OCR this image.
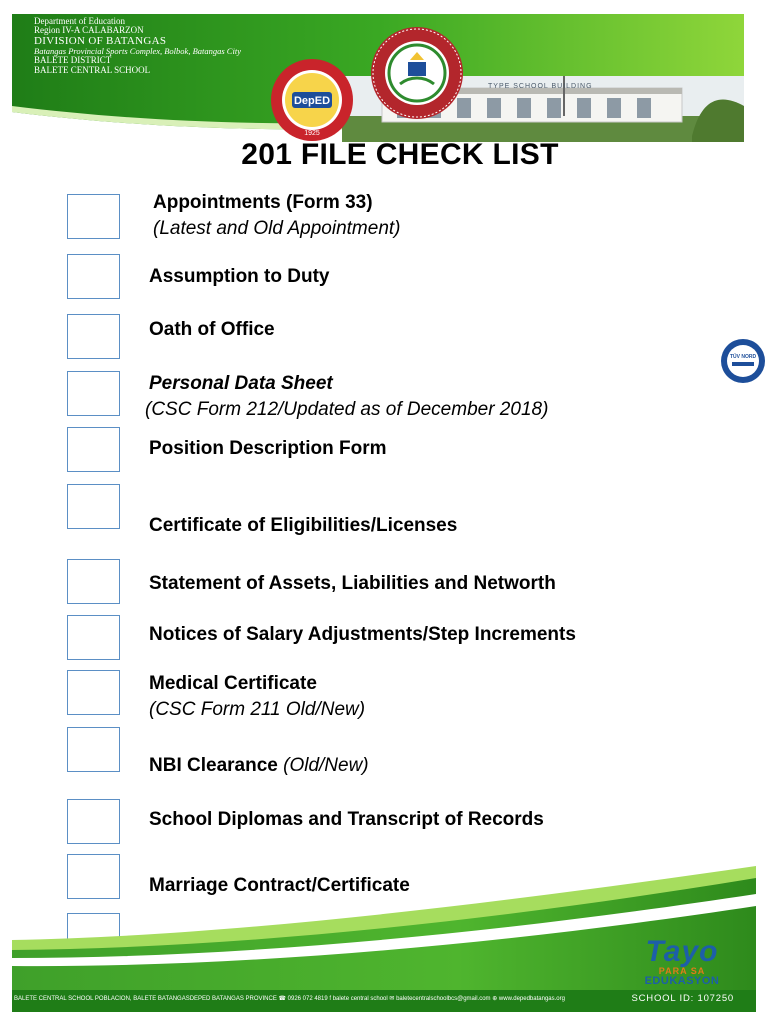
TYPE SCHOOL BUILDING
Department of Education
Region IV-A CALABARZON
DIVISION OF BATANGAS
Batangas Provincial Sports Complex, Bolbok, Batangas City
BALETE DISTRICT
BALETE CENTRAL SCHOOL
DepED
1925
201 FILE CHECK LIST
Appointments (Form 33)
(Latest and Old Appointment)
Assumption to Duty
Oath of Office
Personal Data Sheet
(CSC Form 212/Updated as of December 2018)
Position Description Form
Certificate of Eligibilities/Licenses
Statement of Assets, Liabilities and Networth
Notices of Salary Adjustments/Step Increments
Medical Certificate
(CSC Form 211 Old/New)
NBI Clearance (Old/New)
School Diplomas and Transcript of Records
Marriage Contract/Certificate
TÜV NORD
Tayo
PARA SA
EDUKASYON
BALETE CENTRAL SCHOOL POBLACION, BALETE BATANGASDEPED BATANGAS PROVINCE ☎ 0926 072 4819 f balete central school ✉ baletecentralschoolbcs@gmail.com ⊕ www.depedbatangas.org	SCHOOL ID: 107250
